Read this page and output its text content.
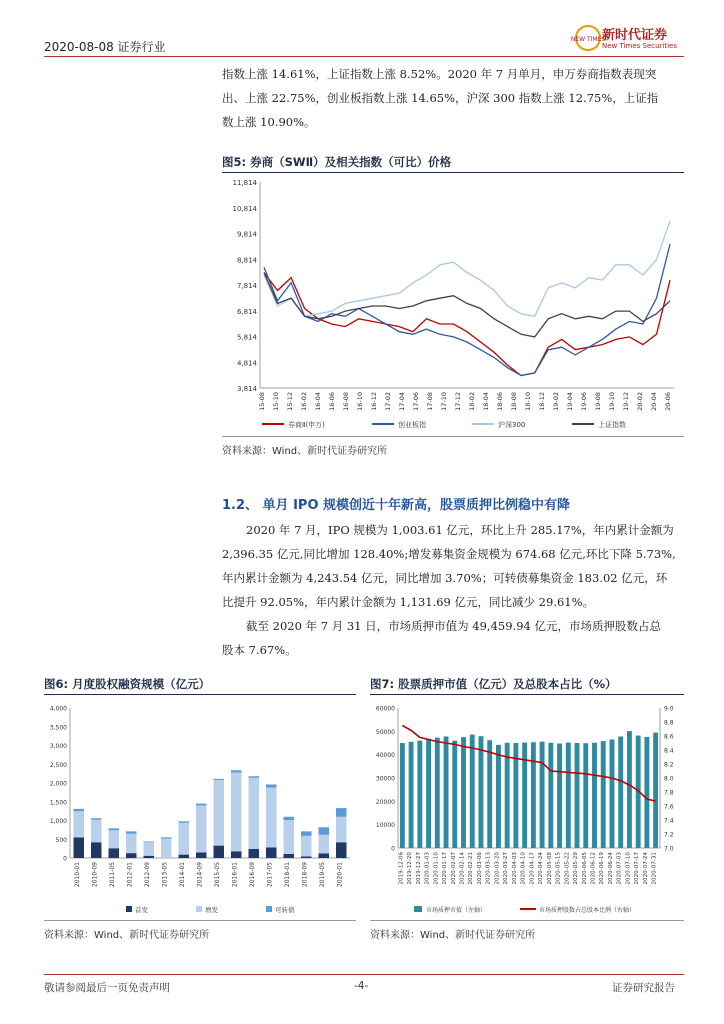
2020-08-08 证券行业
NEW TIMES
新时代证券
New Times Securities
指数上涨 14.61%，上证指数上涨 8.52%。2020 年 7 月单月，申万券商指数表现突
出、上涨 22.75%，创业板指数上涨 14.65%，沪深 300 指数上涨 12.75%，上证指
数上涨 10.90%。
图5: 券商（SWⅡ）及相关指数（可比）价格
3,814
4,814
5,814
6,814
7,814
8,814
9,814
10,814
11,814
15-08 15-10 15-12 16-02 16-04 16-06 16-08 16-10 16-12 17-02 17-04 17-06 17-08 17-10 17-12 18-02 18-04 18-06 18-08 18-10 18-12 19-02 19-04 19-06 19-08 19-10 19-12 20-02 20-04 20-06
券商Ⅱ(申万)	创业板指	沪深300	上证指数
资料来源：Wind、新时代证券研究所
1.2、 单月 IPO 规模创近十年新高，股票质押比例稳中有降
2020 年 7 月，IPO 规模为 1,003.61 亿元，环比上升 285.17%，年内累计金额为
2,396.35 亿元,同比增加 128.40%;增发募集资金规模为 674.68 亿元,环比下降 5.73%,
年内累计金额为 4,243.54 亿元，同比增加 3.70%；可转债募集资金 183.02 亿元，环
比提升 92.05%，年内累计金额为 1,131.69 亿元，同比减少 29.61%。
截至 2020 年 7 月 31 日，市场质押市值为 49,459.94 亿元，市场质押股数占总
股本 7.67%。
图6: 月度股权融资规模（亿元）
0
500
1,000
1,500
2,000
2,500
3,000
3,500
4,000
2010-01 2010-09 2011-05 2012-01 2012-09 2013-05 2014-01 2014-09 2015-05 2016-01 2016-09 2017-05 2018-01 2018-09 2019-05 2020-01
首发	增发	可转债
资料来源：Wind、新时代证券研究所
图7: 股票质押市值（亿元）及总股本占比（%）
0
10000
20000
30000
40000
50000
60000
7.0
7.2
7.4
7.6
7.8
8.0
8.2
8.4
8.6
8.8
9.0
2019-12-06 2019-12-20 2019-12-27 2020-01-03 2020-01-10 2020-01-17 2020-02-07 2020-02-14 2020-02-21 2020-03-06 2020-03-13 2020-03-20 2020-03-27 2020-04-03 2020-04-10 2020-04-17 2020-04-24 2020-05-08 2020-05-15 2020-05-22 2020-05-29 2020-06-05 2020-06-12 2020-06-19 2020-06-24 2020-07-03 2020-07-10 2020-07-17 2020-07-24 2020-07-31
市场质押市值（左轴）	市场质押股数占总股本比例（右轴）
资料来源：Wind、新时代证券研究所
敬请参阅最后一页免责声明	-4-	证券研究报告
